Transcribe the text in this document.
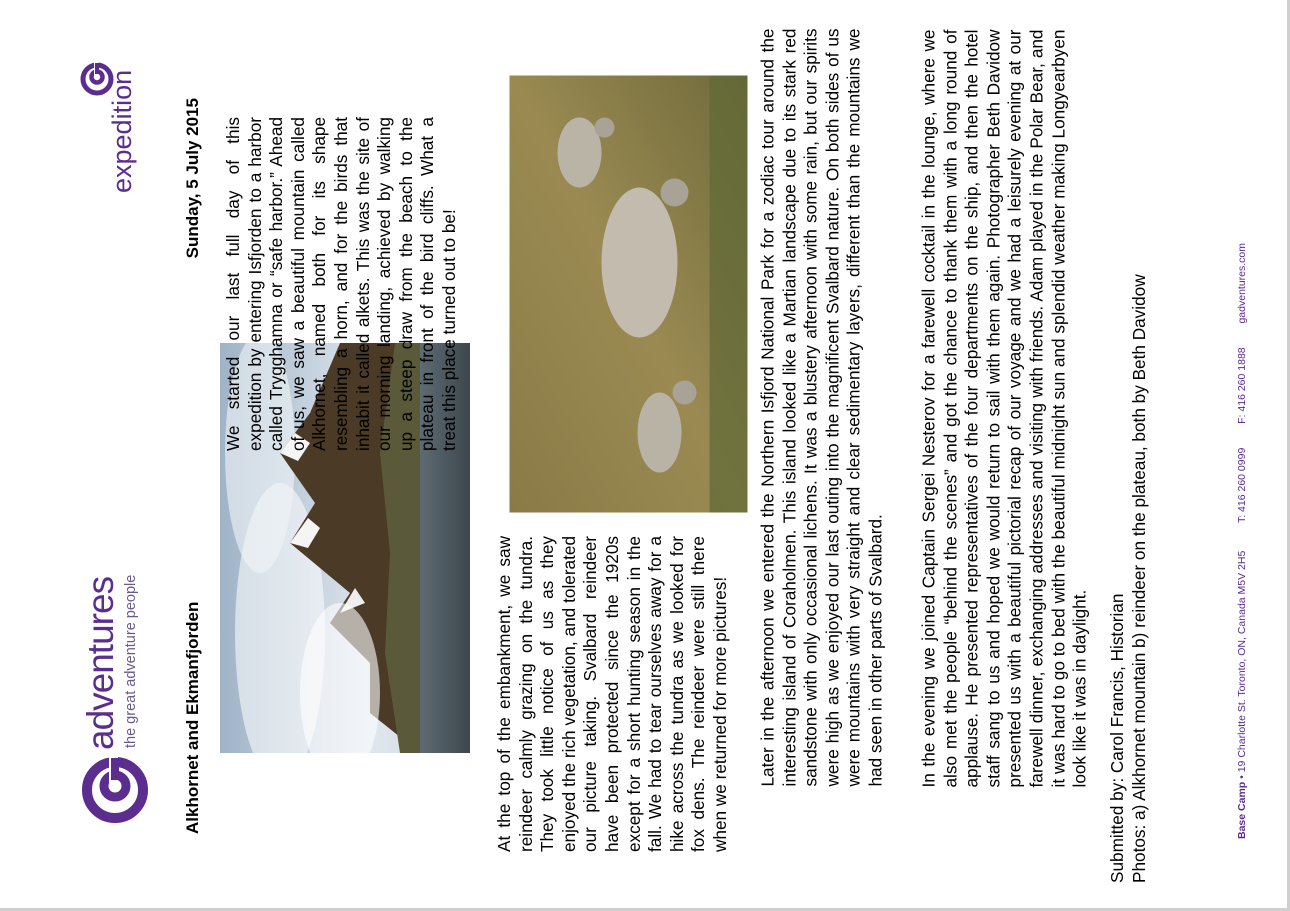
adventures the great adventure people
expedition
Alkhornet and Ekmanfjorden
Sunday, 5 July 2015 We started our last full day of this expedition by entering Isfjorden to a harbor called Trygghamna or “safe harbor.” Ahead of us, we saw a beautiful mountain called Alkhornet, named both for its shape resembling a horn, and for the birds that inhabit it called alkets. This was the site of our morning landing, achieved by walking up a steep draw from the beach to the plateau in front of the bird cliffs. What a treat this place turned out to be!

At the top of the embankment, we saw reindeer calmly grazing on the tundra. They took little notice of us as they enjoyed the rich vegetation, and tolerated our picture taking. Svalbard reindeer have been protected since the 1920s except for a short hunting season in the fall. We had to tear ourselves away for a hike across the tundra as we looked for fox dens. The reindeer were still there when we returned for more pictures! Later in the afternoon we entered the Northern Isfjord National Park for a zodiac tour around the interesting island of Coraholmen. This island looked like a Martian landscape due to its stark red sandstone with only occasional lichens. It was a blustery afternoon with some rain, but our spirits were high as we enjoyed our last outing into the magnificent Svalbard nature. On both sides of us were mountains with very straight and clear sedimentary layers, different than the mountains we had seen in other parts of Svalbard. In the evening we joined Captain Sergei Nesterov for a farewell cocktail in the lounge, where we also met the people “behind the scenes” and got the chance to thank them with a long round of applause. He presented representatives of the four departments on the ship, and then the hotel staff sang to us and hoped we would return to sail with them again. Photographer Beth Davidow presented us with a beautiful pictorial recap of our voyage and we had a leisurely evening at our farewell dinner, exchanging addresses and visiting with friends. Adam played in the Polar Bear, and it was hard to go to bed with the beautiful midnight sun and splendid weather making Longyearbyen look like it was in daylight. Submitted by: Carol Francis, Historian Photos: a) Alkhornet mountain b) reindeer on the plateau, both by Beth Davidow	Base Camp • 19 Charlotte St. Toronto, ON, Canada M5V 2H5  T: 416 260 0999  F: 416 260 1888  gadventures.com
